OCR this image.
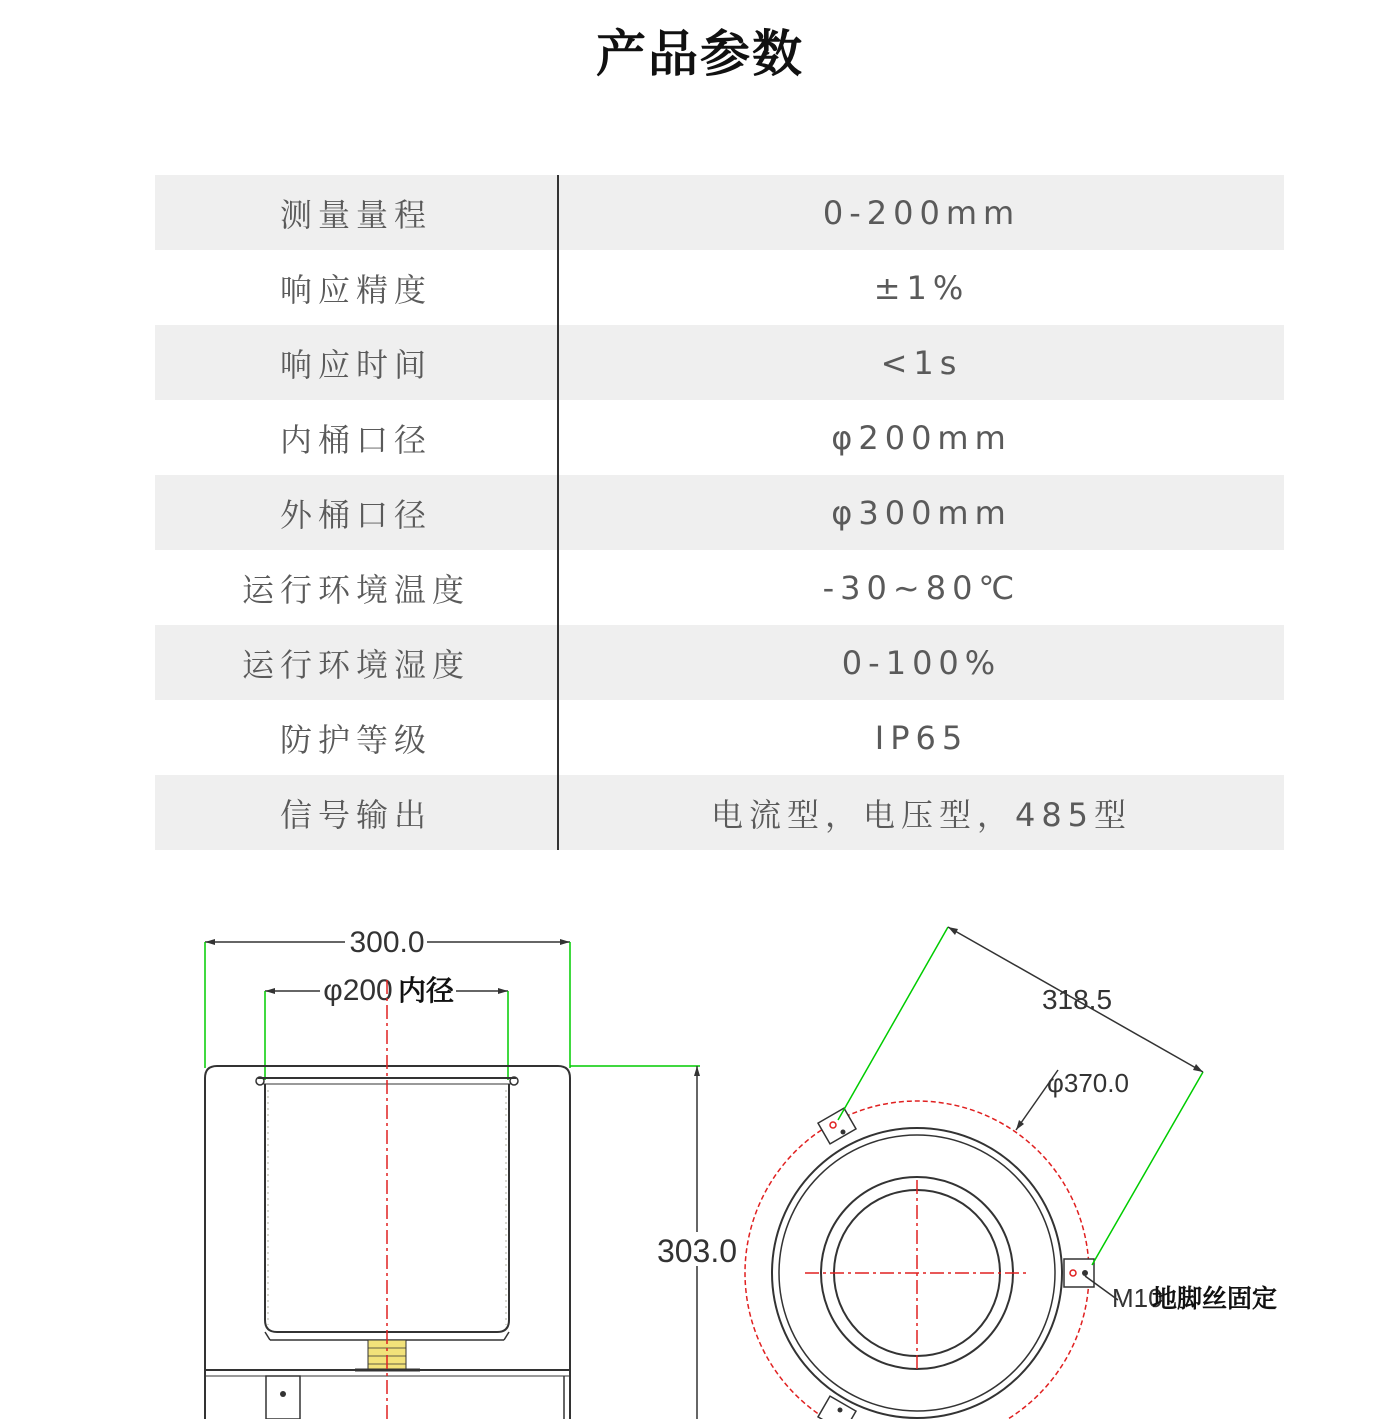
产品参数
测量量程	0-200mm
响应精度	±1%
响应时间	<1s
内桶口径	φ200mm
外桶口径	φ300mm
运行环境温度	-30~80℃
运行环境湿度	0-100%
防护等级	IP65
信号输出	电流型，电压型，485型
300.0
φ200 内径
303.0
318.5
φ370.0
M10
地脚丝固定
